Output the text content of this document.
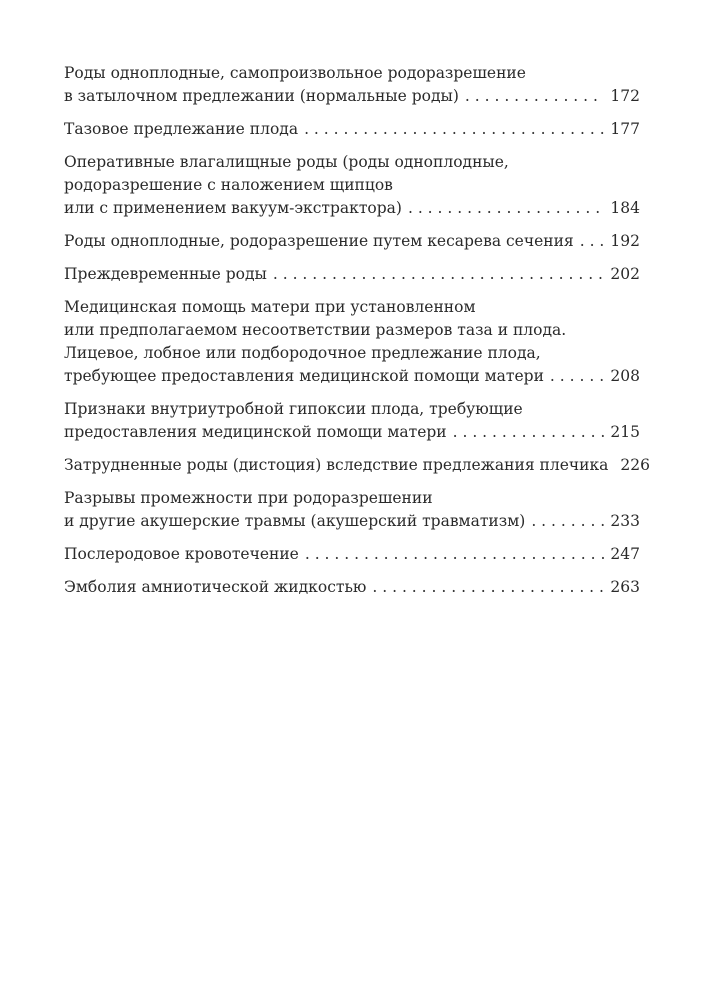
Роды одноплодные, самопроизвольное родоразрешение
в затылочном предлежании (нормальные роды) . . .	172
Тазовое предлежание плода . . .	177
Оперативные влагалищные роды (роды одноплодные,
родоразрешение с наложением щипцов
или с применением вакуум-экстрактора) . . .	184
Роды одноплодные, родоразрешение путем кесарева сечения . . . 192
Преждевременные роды . . .	202
Медицинская помощь матери при установленном
или предполагаемом несоответствии размеров таза и плода.
Лицевое, лобное или подбородочное предлежание плода,
требующее предоставления медицинской помощи матери . . .	208
Признаки внутриутробной гипоксии плода, требующие
предоставления медицинской помощи матери . . .	215
Затрудненные роды (дистоция) вследствие предлежания плечика 226
Разрывы промежности при родоразрешении
и другие акушерские травмы (акушерский травматизм) . . .	233
Послеродовое кровотечение . . .	247
Эмболия амниотической жидкостью . . .	263
